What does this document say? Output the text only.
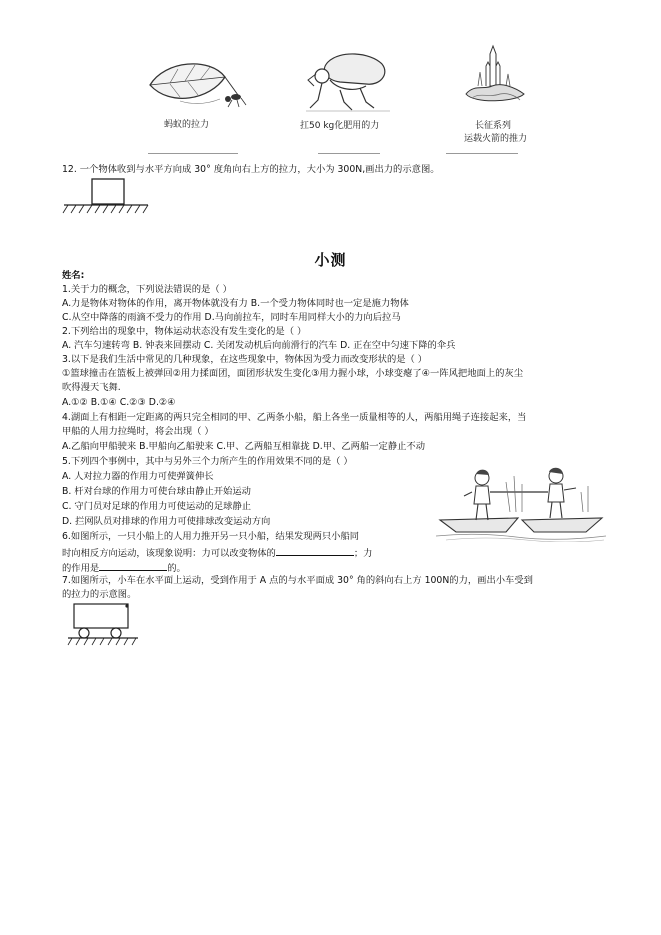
蚂蚁的拉力	扛50 kg化肥用的力	长征系列
运载火箭的推力
12. 一个物体收到与水平方向成 30° 度角向右上方的拉力，大小为 300N,画出力的示意图。
小测
姓名:
1.关于力的概念，下列说法错误的是（ ）
A.力是物体对物体的作用，离开物体就没有力 B.一个受力物体同时也一定是施力物体
C.从空中降落的雨滴不受力的作用 D.马向前拉车，同时车用同样大小的力向后拉马
2.下列给出的现象中，物体运动状态没有发生变化的是（ ）
A. 汽车匀速转弯 B. 钟表来回摆动 C. 关闭发动机后向前滑行的汽车 D. 正在空中匀速下降的伞兵
3.以下是我们生活中常见的几种现象，在这些现象中，物体因为受力而改变形状的是（ ）
①篮球撞击在篮板上被弹回②用力揉面团，面团形状发生变化③用力握小球，小球变瘪了④一阵风把地面上的灰尘
吹得漫天飞舞.
A.①② B.①④ C.②③ D.②④
4.湖面上有相距一定距离的两只完全相同的甲、乙两条小船，船上各坐一质量相等的人，两船用绳子连接起来，当
甲船的人用力拉绳时，将会出现（ ）
A.乙船向甲船驶来 B.甲船向乙船驶来 C.甲、乙两船互相靠拢 D.甲、乙两船一定静止不动
5.下列四个事例中，其中与另外三个力所产生的作用效果不同的是（ ）
A. 人对拉力器的作用力可使弹簧伸长
B. 杆对台球的作用力可使台球由静止开始运动
C. 守门员对足球的作用力可使运动的足球静止
D. 拦网队员对排球的作用力可使排球改变运动方向
6.如图所示，一只小船上的人用力推开另一只小船，结果发现两只小船同
时向相反方向运动，该现象说明：力可以改变物体的	；力
的作用是	的。
7.如图所示，小车在水平面上运动，受到作用于 A 点的与水平面成 30° 角的斜向右上方 100N的力，画出小车受到
的拉力的示意图。
